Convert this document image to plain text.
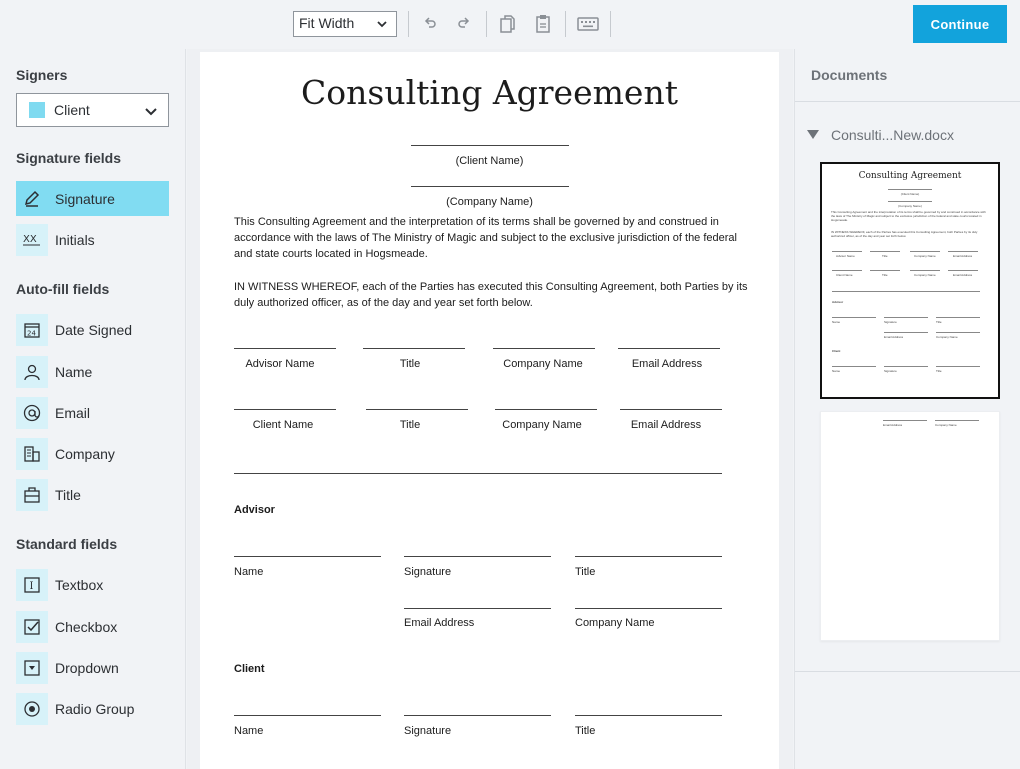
Fit Width	Continue
Signers
Client
Signature fields
Signature
XX Initials
Auto-fill fields
24 Date Signed
Name
Email
Company
Title
Standard fields
I Textbox
Checkbox
Dropdown
Radio Group
Consulting Agreement
(Client Name)
(Company Name)
This Consulting Agreement and the interpretation of its terms shall be governed by and construed in accordance with the laws of The Ministry of Magic and subject to the exclusive jurisdiction of the federal and state courts located in Hogsmeade.
IN WITNESS WHEREOF, each of the Parties has executed this Consulting Agreement, both Parties by its duly authorized officer, as of the day and year set forth below.
Advisor Name	Title	Company Name	Email Address
Client Name	Title	Company Name	Email Address
Advisor
Name	Signature	Title
Email Address	Company Name
Client
Name	Signature	Title
Documents
Consulti...New.docx
Consulting Agreement
(Client Name)
(Company Name)
This Consulting Agreement and the interpretation of its terms shall be governed by and construed in accordance with the laws of The Ministry of Magic and subject to the exclusive jurisdiction of the federal and state courts located in Hogsmeade.
IN WITNESS WHEREOF, each of the Parties has executed this Consulting Agreement, both Parties by its duly authorized officer, as of the day and year set forth below.
Advisor Name	Title	Company Name	Email Address
Client Name	Title	Company Name	Email Address
Advisor
Name	Signature	Title
Email Address	Company Name
Client
Name	Signature	Title
Email Address	Company Name
